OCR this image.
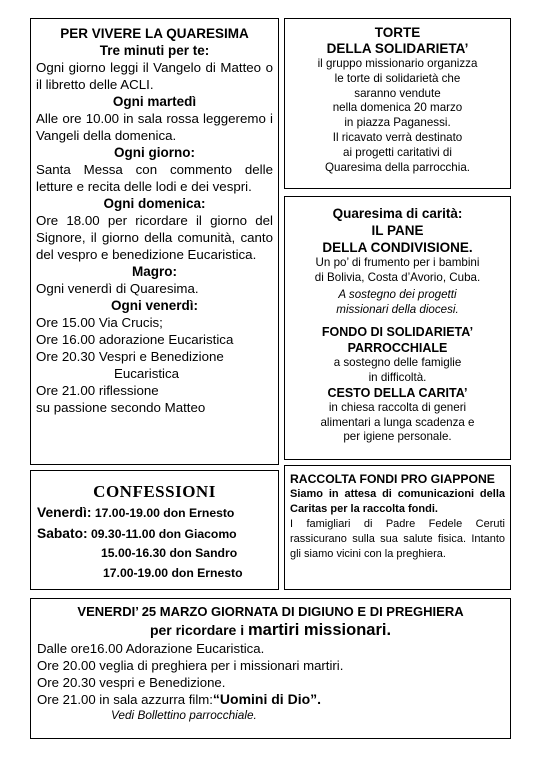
PER VIVERE LA QUARESIMA
Tre minuti per te:
Ogni giorno leggi il Vangelo di Matteo o il libretto delle ACLI.
Ogni martedì
Alle ore 10.00 in sala rossa leggeremo i Vangeli della domenica.
Ogni giorno:
Santa Messa con commento delle letture e recita delle lodi e dei vespri.
Ogni domenica:
Ore 18.00 per ricordare il giorno del Signore, il giorno della comunità, canto del vespro e benedizione Eucaristica.
Magro:
Ogni venerdì di Quaresima.
Ogni venerdì:
Ore 15.00 Via Crucis;
Ore 16.00 adorazione Eucaristica
Ore 20.30 Vespri e Benedizione
Eucaristica
Ore 21.00 riflessione
su passione secondo Matteo
TORTE
DELLA SOLIDARIETA’
il gruppo missionario organizza
le torte di solidarietà che
saranno vendute
nella domenica 20 marzo
in piazza Paganessi.
Il ricavato verrà destinato
ai progetti caritativi di
Quaresima della parrocchia.
Quaresima di carità:
IL PANE
DELLA CONDIVISIONE.
Un po’ di frumento per i bambini
di Bolivia, Costa d’Avorio, Cuba.
A sostegno dei progetti
missionari della diocesi.
FONDO DI SOLIDARIETA’
PARROCCHIALE
a sostegno delle famiglie
in difficoltà.
CESTO DELLA CARITA’
in chiesa raccolta di generi
alimentari a lunga scadenza e
per igiene personale.
CONFESSIONI
Venerdì: 17.00-19.00 don Ernesto
Sabato: 09.30-11.00 don Giacomo
15.00-16.30 don Sandro
17.00-19.00 don Ernesto
RACCOLTA FONDI PRO GIAPPONE
Siamo in attesa di comunicazioni della Caritas per la raccolta fondi.
I famigliari di Padre Fedele Ceruti rassicurano sulla sua salute fisica. Intanto gli siamo vicini con la preghiera.
VENERDI’ 25 MARZO GIORNATA DI DIGIUNO E DI PREGHIERA
per ricordare i martiri missionari.
Dalle ore16.00 Adorazione Eucaristica.
Ore 20.00 veglia di preghiera per i missionari martiri.
Ore 20.30 vespri e Benedizione.
Ore 21.00 in sala azzurra film:“Uomini di Dio”.
Vedi Bollettino parrocchiale.
